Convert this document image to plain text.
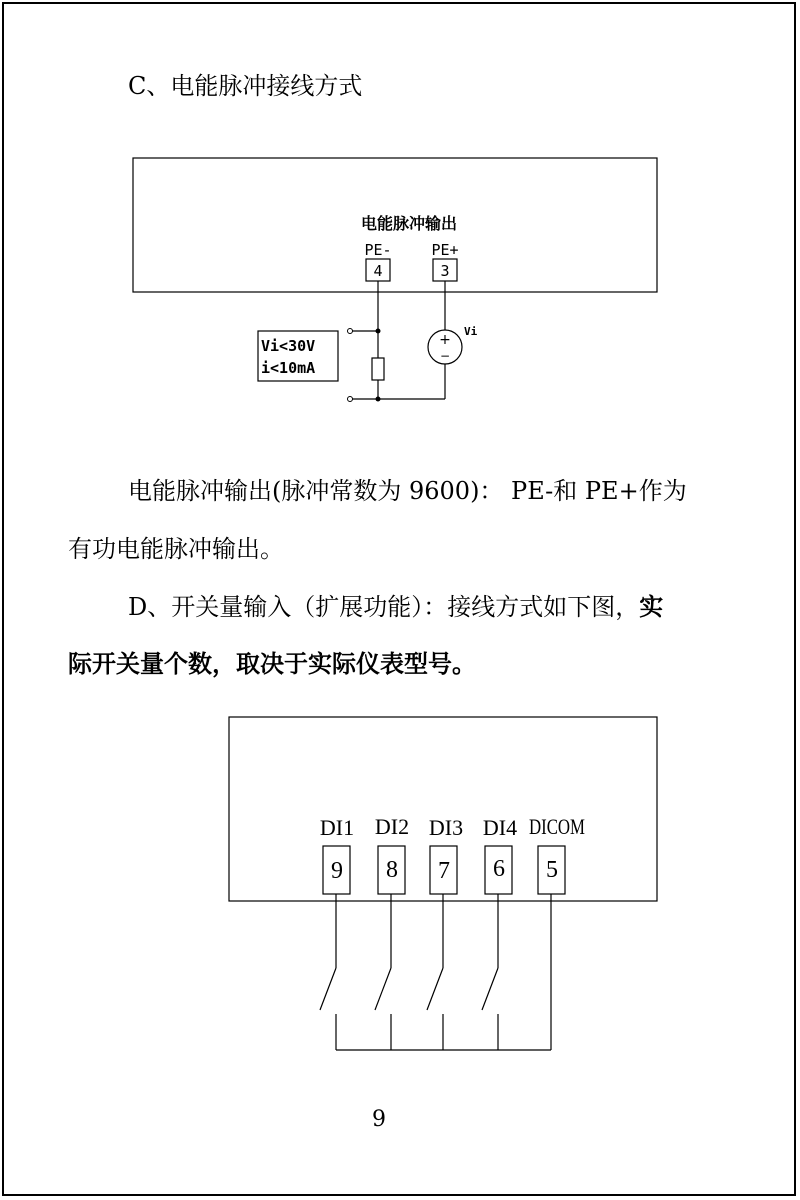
C、电能脉冲接线方式
电能脉冲输出
PE-
4
PE+
3
Vi<30V
i<10mA
+
−
Vi
DI1 DI2 DI3 DI4 DICOM
9 8 7 6 5
电能脉冲输出(脉冲常数为 9600)： PE-和 PE+作为
有功电能脉冲输出。
D、开关量输入（扩展功能）：接线方式如下图，实
际开关量个数，取决于实际仪表型号。
9
